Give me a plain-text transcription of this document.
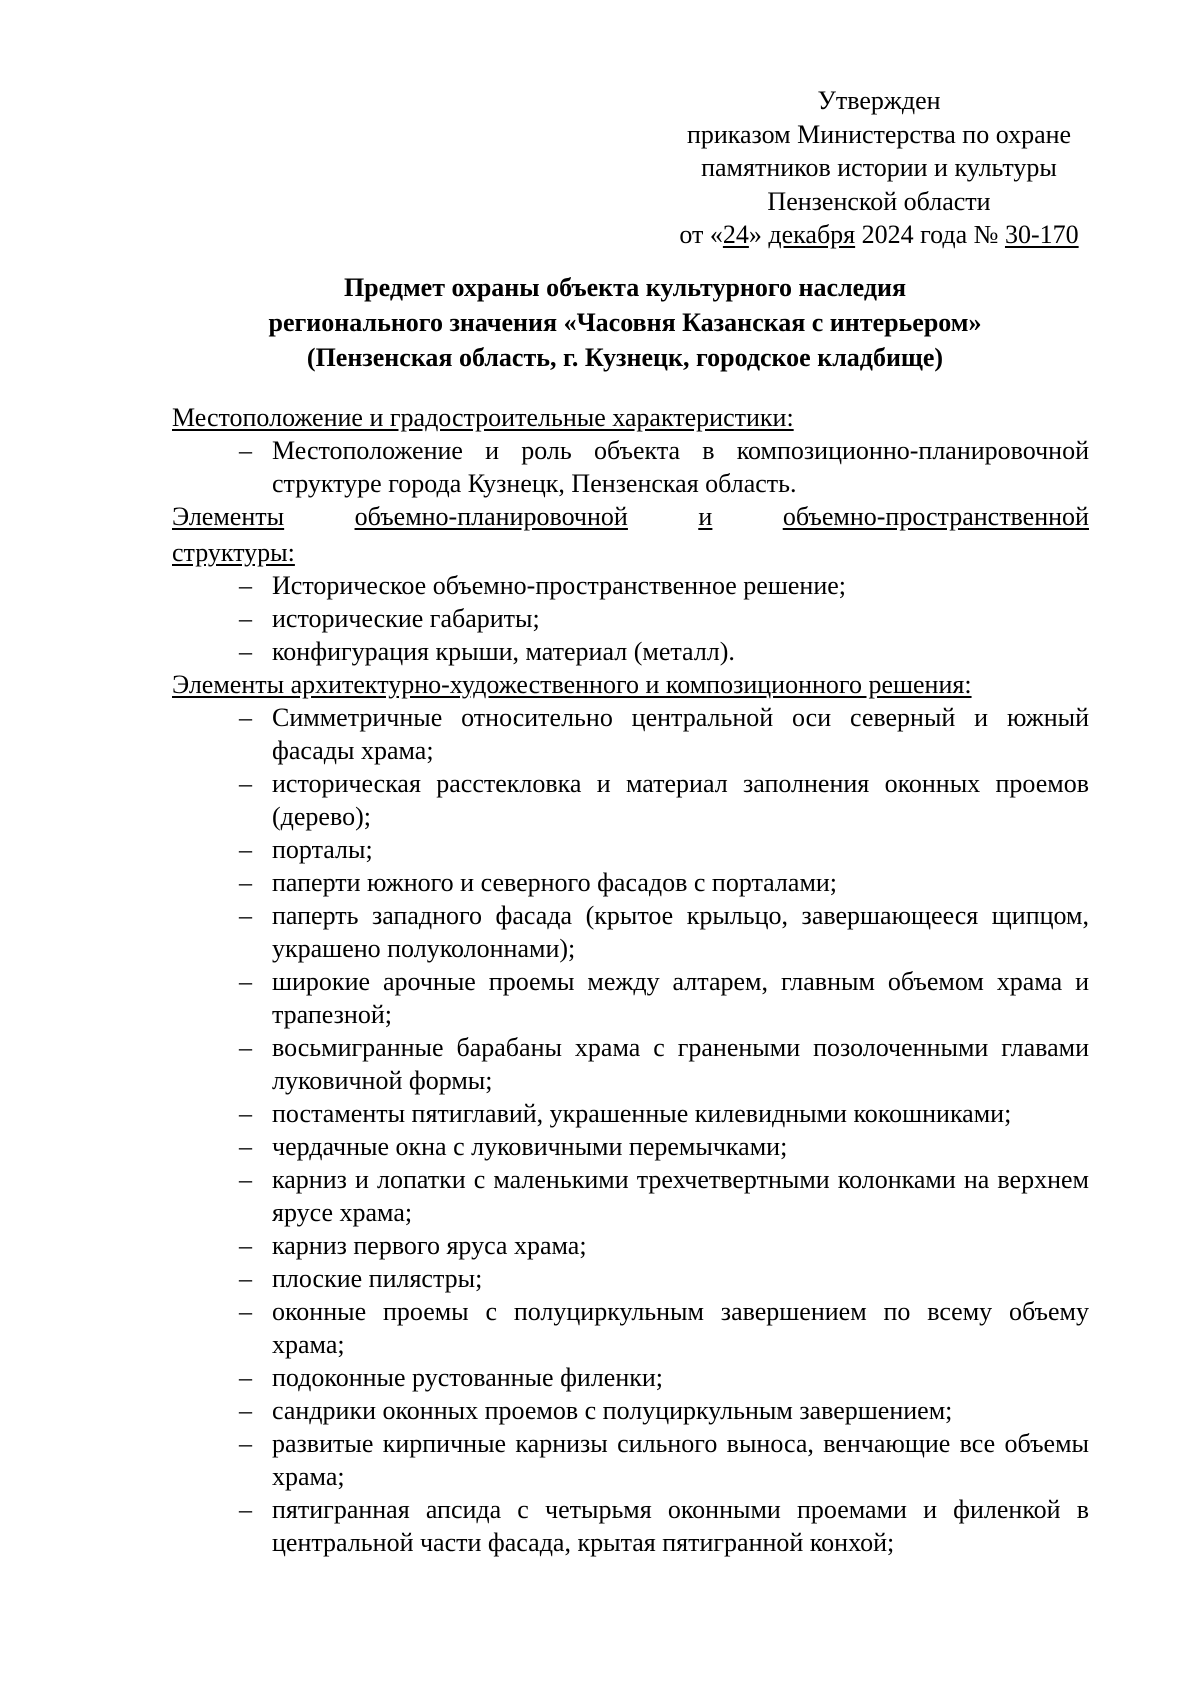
Утвержден
приказом Министерства по охране
памятников истории и культуры
Пензенской области
от «24» декабря 2024 года № 30-170
Предмет охраны объекта культурного наследия
регионального значения «Часовня Казанская с интерьером»
(Пензенская область, г. Кузнецк, городское кладбище)
Местоположение и градостроительные характеристики:
– Местоположение и роль объекта в композиционно-планировочной структуре города Кузнецк, Пензенская область.
Элементы	объемно-планировочной	и	объемно-пространственной
структуры:
– Историческое объемно-пространственное решение;
– исторические габариты;
– конфигурация крыши, материал (металл).
Элементы архитектурно-художественного и композиционного решения:
– Симметричные относительно центральной оси северный и южный фасады храма;
– историческая расстекловка и материал заполнения оконных проемов (дерево);
– порталы;
– паперти южного и северного фасадов с порталами;
– паперть западного фасада (крытое крыльцо, завершающееся щипцом, украшено полуколоннами);
– широкие арочные проемы между алтарем, главным объемом храма и трапезной;
– восьмигранные барабаны храма с гранеными позолоченными главами луковичной формы;
– постаменты пятиглавий, украшенные килевидными кокошниками;
– чердачные окна с луковичными перемычками;
– карниз и лопатки с маленькими трехчетвертными колонками на верхнем ярусе храма;
– карниз первого яруса храма;
– плоские пилястры;
– оконные проемы с полуциркульным завершением по всему объему храма;
– подоконные рустованные филенки;
– сандрики оконных проемов с полуциркульным завершением;
– развитые кирпичные карнизы сильного выноса, венчающие все объемы храма;
– пятигранная апсида с четырьмя оконными проемами и филенкой в центральной части фасада, крытая пятигранной конхой;
